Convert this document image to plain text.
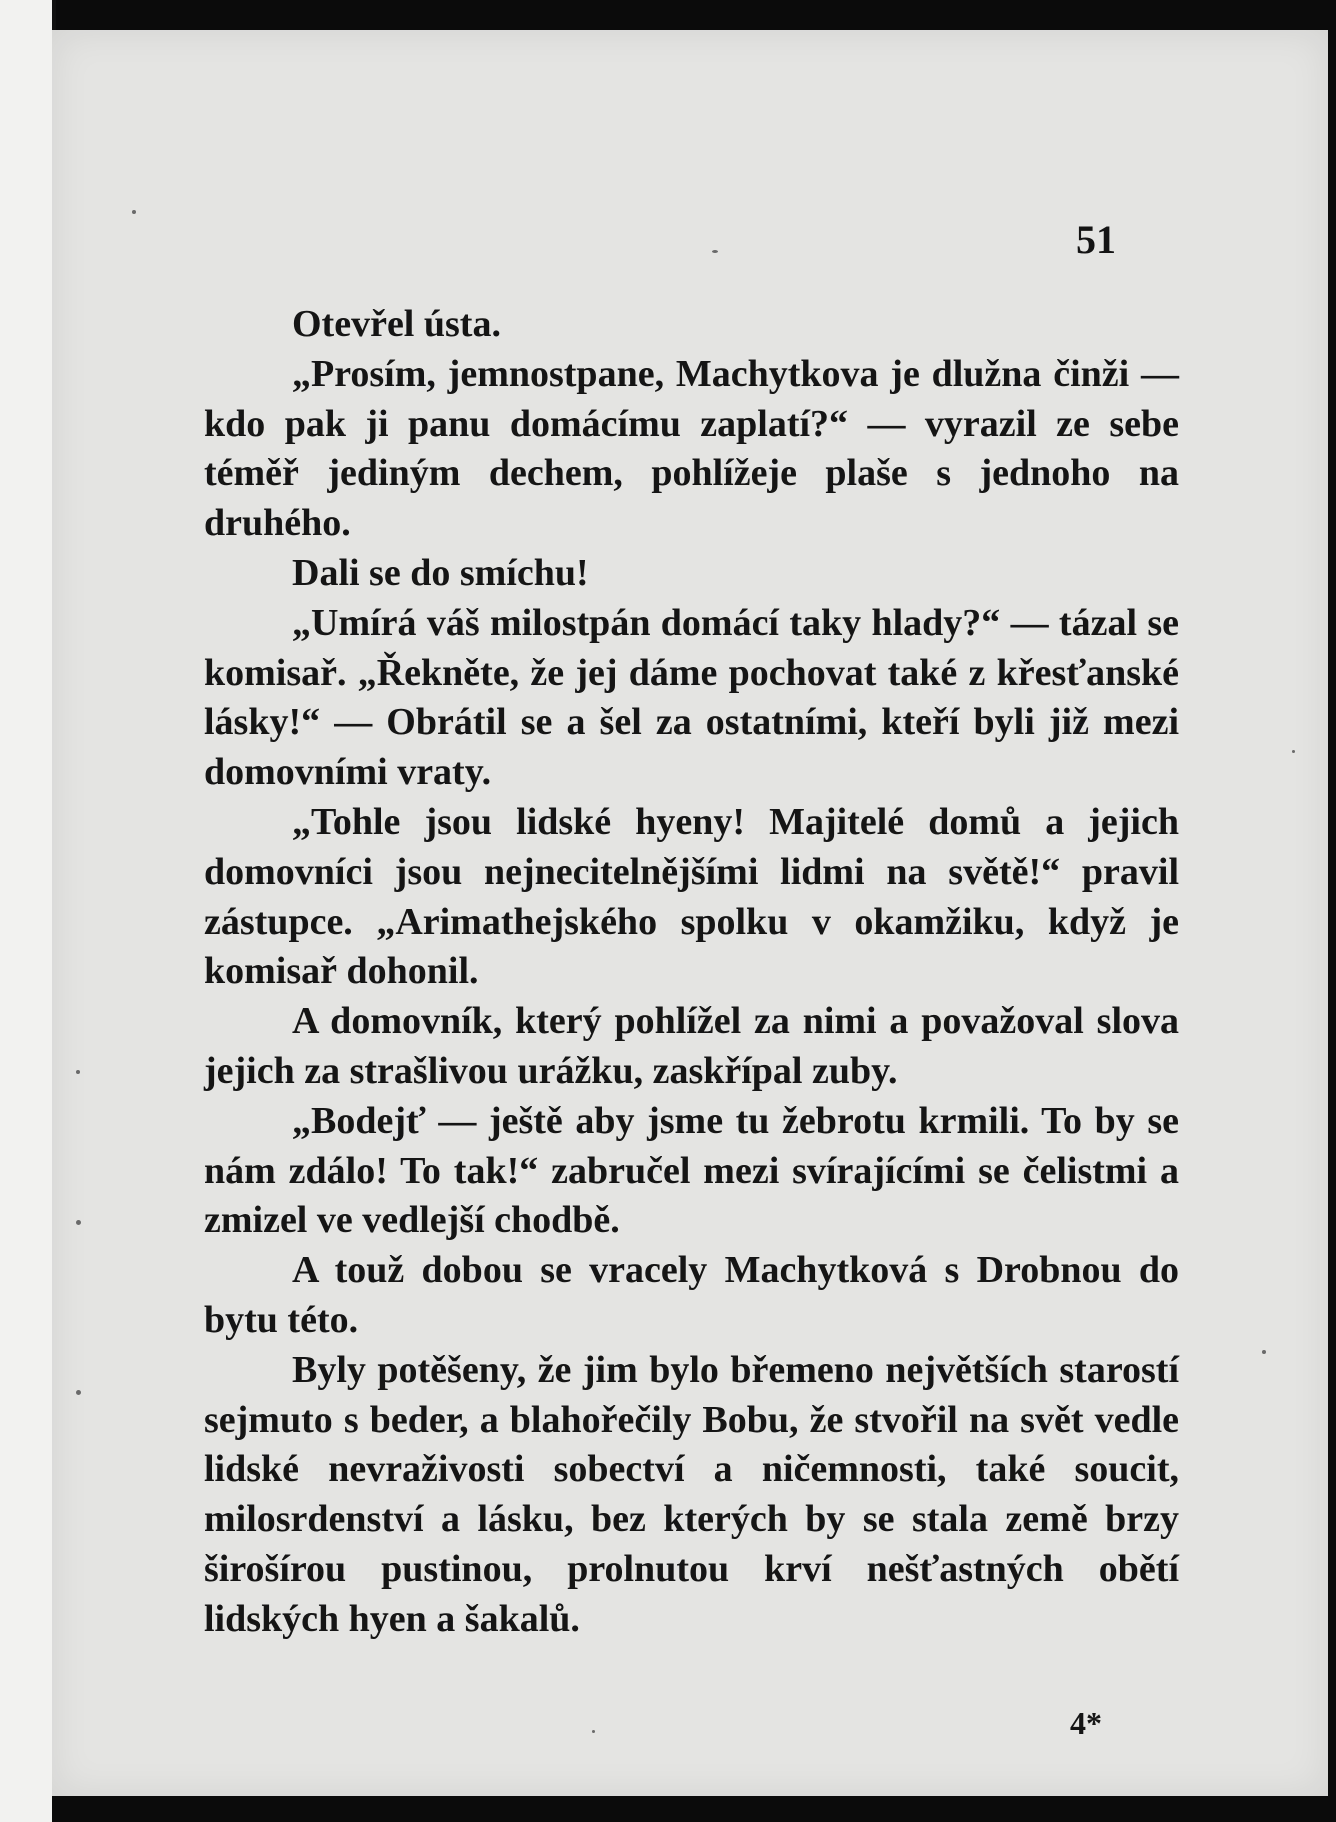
51

Otevřel ústa.

„Prosím, jemnostpane, Machytkova je dlužna činži — kdo pak ji panu domácímu zaplatí?“ — vyrazil ze sebe téměř jediným dechem, pohlížeje plaše s jednoho na druhého.

Dali se do smíchu!

„Umírá váš milostpán domácí taky hlady?“ — tázal se komisař. „Řekněte, že jej dáme pochovat také z křesťanské lásky!“ — Obrátil se a šel za ostatními, kteří byli již mezi domovními vraty.

„Tohle jsou lidské hyeny! Majitelé domů a jejich domovníci jsou nejnecitelnějšími lidmi na světě!“ pravil zástupce. „Arimathejského spolku v okamžiku, když je komisař dohonil.

A domovník, který pohlížel za nimi a považoval slova jejich za strašlivou urážku, zaskřípal zuby.

„Bodejť — ještě aby jsme tu žebrotu krmili. To by se nám zdálo! To tak!“ zabručel mezi svírajícími se čelistmi a zmizel ve vedlejší chodbě.

A touž dobou se vracely Machytková s Drobnou do bytu této.

Byly potěšeny, že jim bylo břemeno největších starostí sejmuto s beder, a blahořečily Bobu, že stvořil na svět vedle lidské nevraživosti sobectví a ničemnosti, také soucit, milosrdenství a lásku, bez kterých by se stala země brzy širošírou pustinou, prolnutou krví nešťastných obětí lidských hyen a šakalů.

4*
